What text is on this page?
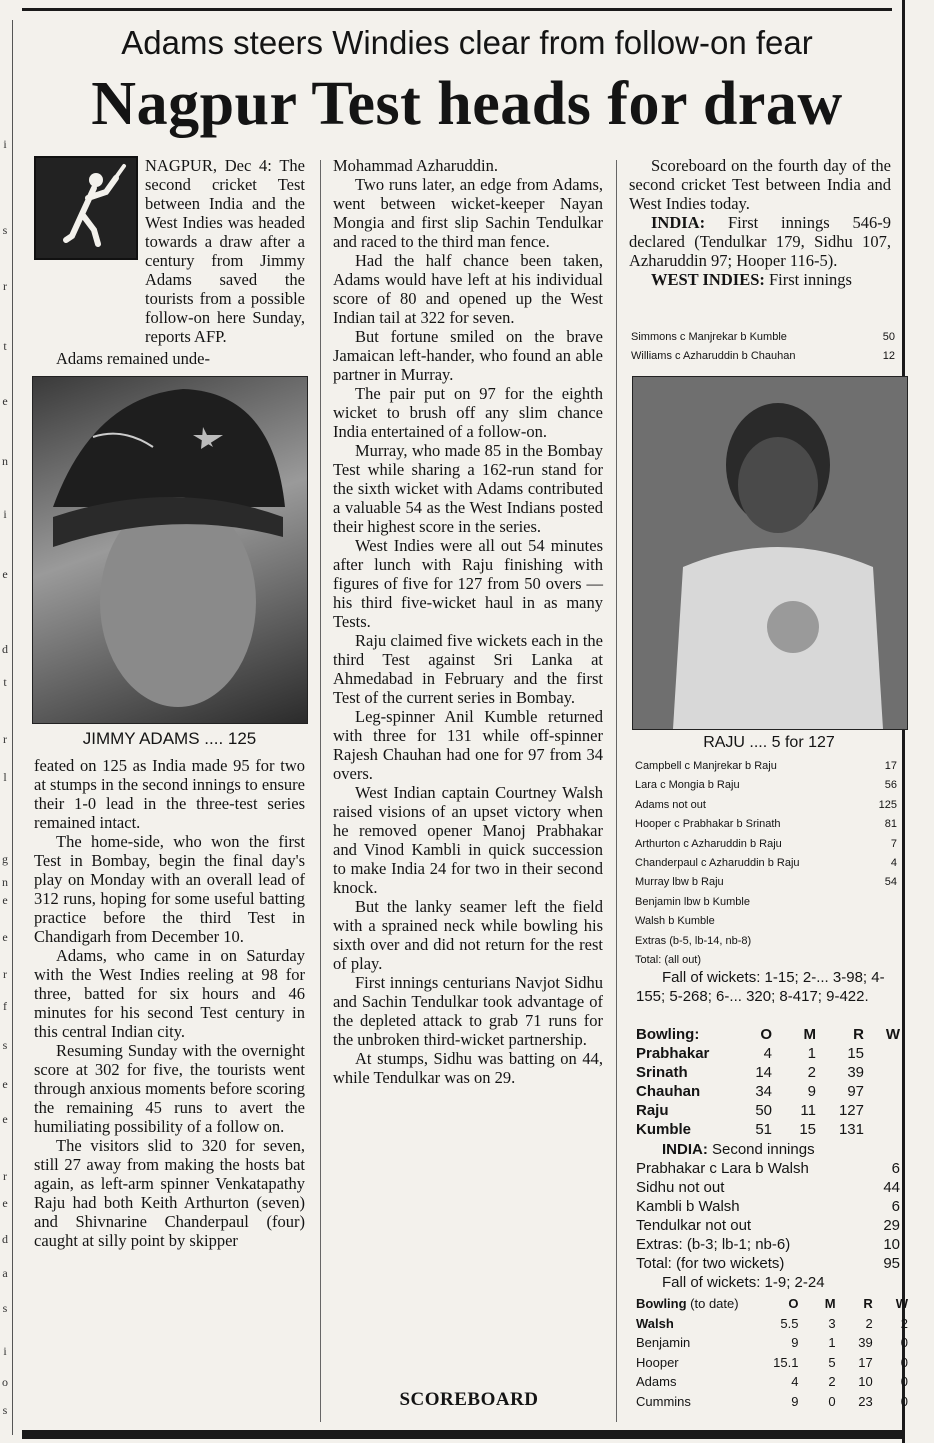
i
s
r
t
e
n
i
e
d
t
r
l
g
n
e
e
r
f
s
e
e
r
e
d
a
s
i
o
s
Adams steers Windies clear from follow-on fear
Nagpur Test heads for draw

NAGPUR, Dec 4: The second cricket Test between India and the West Indies was headed towards a draw after a century from Jimmy Adams saved the tourists from a possible follow-on here Sunday, reports AFP.

Adams remained unde-

JIMMY ADAMS .... 125

feated on 125 as India made 95 for two at stumps in the second innings to ensure their 1-0 lead in the three-test series remained intact.

The home-side, who won the first Test in Bombay, begin the final day's play on Monday with an overall lead of 312 runs, hoping for some useful batting practice before the third Test in Chandigarh from December 10.

Adams, who came in on Saturday with the West Indies reeling at 98 for three, batted for six hours and 46 minutes for his second Test century in this central Indian city.

Resuming Sunday with the overnight score at 302 for five, the tourists went through anxious moments before scoring the remaining 45 runs to avert the humiliating possibility of a follow on.

The visitors slid to 320 for seven, still 27 away from making the hosts bat again, as left-arm spinner Venkatapathy Raju had both Keith Arthurton (seven) and Shivnarine Chanderpaul (four) caught at silly point by skipper

Mohammad Azharuddin.

Two runs later, an edge from Adams, went between wicket-keeper Nayan Mongia and first slip Sachin Tendulkar and raced to the third man fence.

Had the half chance been taken, Adams would have left at his individual score of 80 and opened up the West Indian tail at 322 for seven.

But fortune smiled on the brave Jamaican left-hander, who found an able partner in Murray.

The pair put on 97 for the eighth wicket to brush off any slim chance India entertained of a follow-on.

Murray, who made 85 in the Bombay Test while sharing a 162-run stand for the sixth wicket with Adams contributed a valuable 54 as the West Indians posted their highest score in the series.

West Indies were all out 54 minutes after lunch with Raju finishing with figures of five for 127 from 50 overs — his third five-wicket haul in as many Tests.

Raju claimed five wickets each in the third Test against Sri Lanka at Ahmedabad in February and the first Test of the current series in Bombay.

Leg-spinner Anil Kumble returned with three for 131 while off-spinner Rajesh Chauhan had one for 97 from 34 overs.

West Indian captain Courtney Walsh raised visions of an upset victory when he removed opener Manoj Prabhakar and Vinod Kambli in quick succession to make India 24 for two in their second knock.

But the lanky seamer left the field with a sprained neck while bowling his sixth over and did not return for the rest of play.

First innings centurians Navjot Sidhu and Sachin Tendulkar took advantage of the depleted attack to grab 71 runs for the unbroken third-wicket partnership.

At stumps, Sidhu was batting on 44, while Tendulkar was on 29.

SCOREBOARD

Scoreboard on the fourth day of the second cricket Test between India and West Indies today.

INDIA: First innings 546-9 declared (Tendulkar 179, Sidhu 107, Azharuddin 97; Hooper 116-5).

WEST INDIES: First innings

Simmons c Manjrekar b Kumble	50
Williams c Azharuddin b Chauhan	12
RAJU .... 5 for 127
Campbell c Manjrekar b Raju	17
Lara c Mongia b Raju	56
Adams not out	125
Hooper c Prabhakar b Srinath	81
Arthurton c Azharuddin b Raju	7
Chanderpaul c Azharuddin b Raju	4
Murray lbw b Raju	54
Benjamin lbw b Kumble
Walsh b Kumble
Extras (b-5, lb-14, nb-8)
Total: (all out)
Fall of wickets: 1-15; 2-... 3-98; 4-155; 5-268; 6-... 320; 8-417; 9-422.
Bowling:	O	M	R	W
Prabhakar	4	1	15	
Srinath	14	2	39	
Chauhan	34	9	97	
Raju	50	11	127	
Kumble	51	15	131	
INDIA: Second innings
Prabhakar c Lara b Walsh	6
Sidhu not out	44
Kambli b Walsh	6
Tendulkar not out	29
Extras: (b-3; lb-1; nb-6)	10
Total: (for two wickets)	95
Fall of wickets: 1-9; 2-24
Bowling (to date)	O	M	R	W
Walsh	5.5	3	2	2
Benjamin	9	1	39	0
Hooper	15.1	5	17	0
Adams	4	2	10	0
Cummins	9	0	23	0
